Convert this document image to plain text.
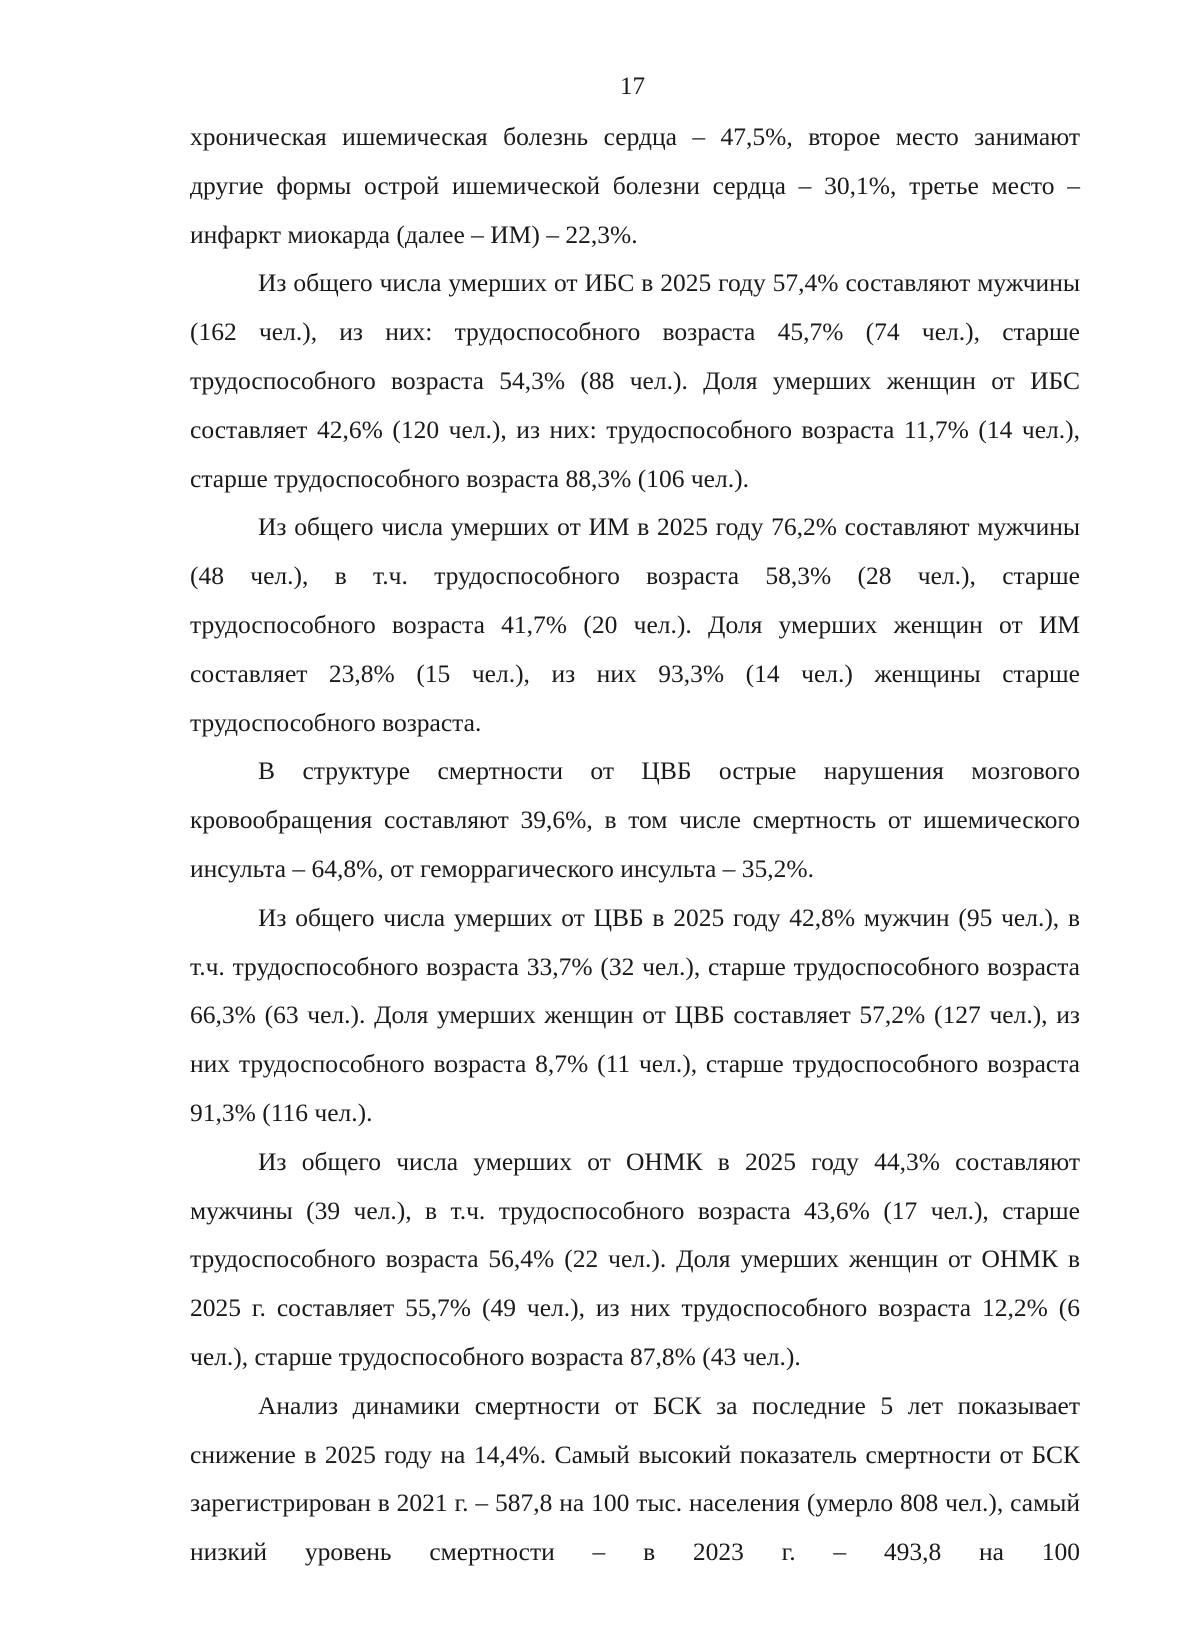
17

хроническая ишемическая болезнь сердца – 47,5%, второе место занимают другие формы острой ишемической болезни сердца – 30,1%, третье место – инфаркт миокарда (далее – ИМ) – 22,3%.

Из общего числа умерших от ИБС в 2025 году 57,4% составляют мужчины (162 чел.), из них: трудоспособного возраста 45,7% (74 чел.), старше трудоспособного возраста 54,3% (88 чел.). Доля умерших женщин от ИБС составляет 42,6% (120 чел.), из них: трудоспособного возраста 11,7% (14 чел.), старше трудоспособного возраста 88,3% (106 чел.).

Из общего числа умерших от ИМ в 2025 году 76,2% составляют мужчины (48 чел.), в т.ч. трудоспособного возраста 58,3% (28 чел.), старше трудоспособного возраста 41,7% (20 чел.). Доля умерших женщин от ИМ составляет 23,8% (15 чел.), из них 93,3% (14 чел.) женщины старше трудоспособного возраста.

В структуре смертности от ЦВБ острые нарушения мозгового кровообращения составляют 39,6%, в том числе смертность от ишемического инсульта – 64,8%, от геморрагического инсульта – 35,2%.

Из общего числа умерших от ЦВБ в 2025 году 42,8% мужчин (95 чел.), в т.ч. трудоспособного возраста 33,7% (32 чел.), старше трудоспособного возраста 66,3% (63 чел.). Доля умерших женщин от ЦВБ составляет 57,2% (127 чел.), из них трудоспособного возраста 8,7% (11 чел.), старше трудоспособного возраста 91,3% (116 чел.).

Из общего числа умерших от ОНМК в 2025 году 44,3% составляют мужчины (39 чел.), в т.ч. трудоспособного возраста 43,6% (17 чел.), старше трудоспособного возраста 56,4% (22 чел.). Доля умерших женщин от ОНМК в 2025 г. составляет 55,7% (49 чел.), из них трудоспособного возраста 12,2% (6 чел.), старше трудоспособного возраста 87,8% (43 чел.).

Анализ динамики смертности от БСК за последние 5 лет показывает снижение в 2025 году на 14,4%. Самый высокий показатель смертности от БСК зарегистрирован в 2021 г. – 587,8 на 100 тыс. населения (умерло 808 чел.), самый низкий уровень смертности – в 2023 г. – 493,8 на 100
